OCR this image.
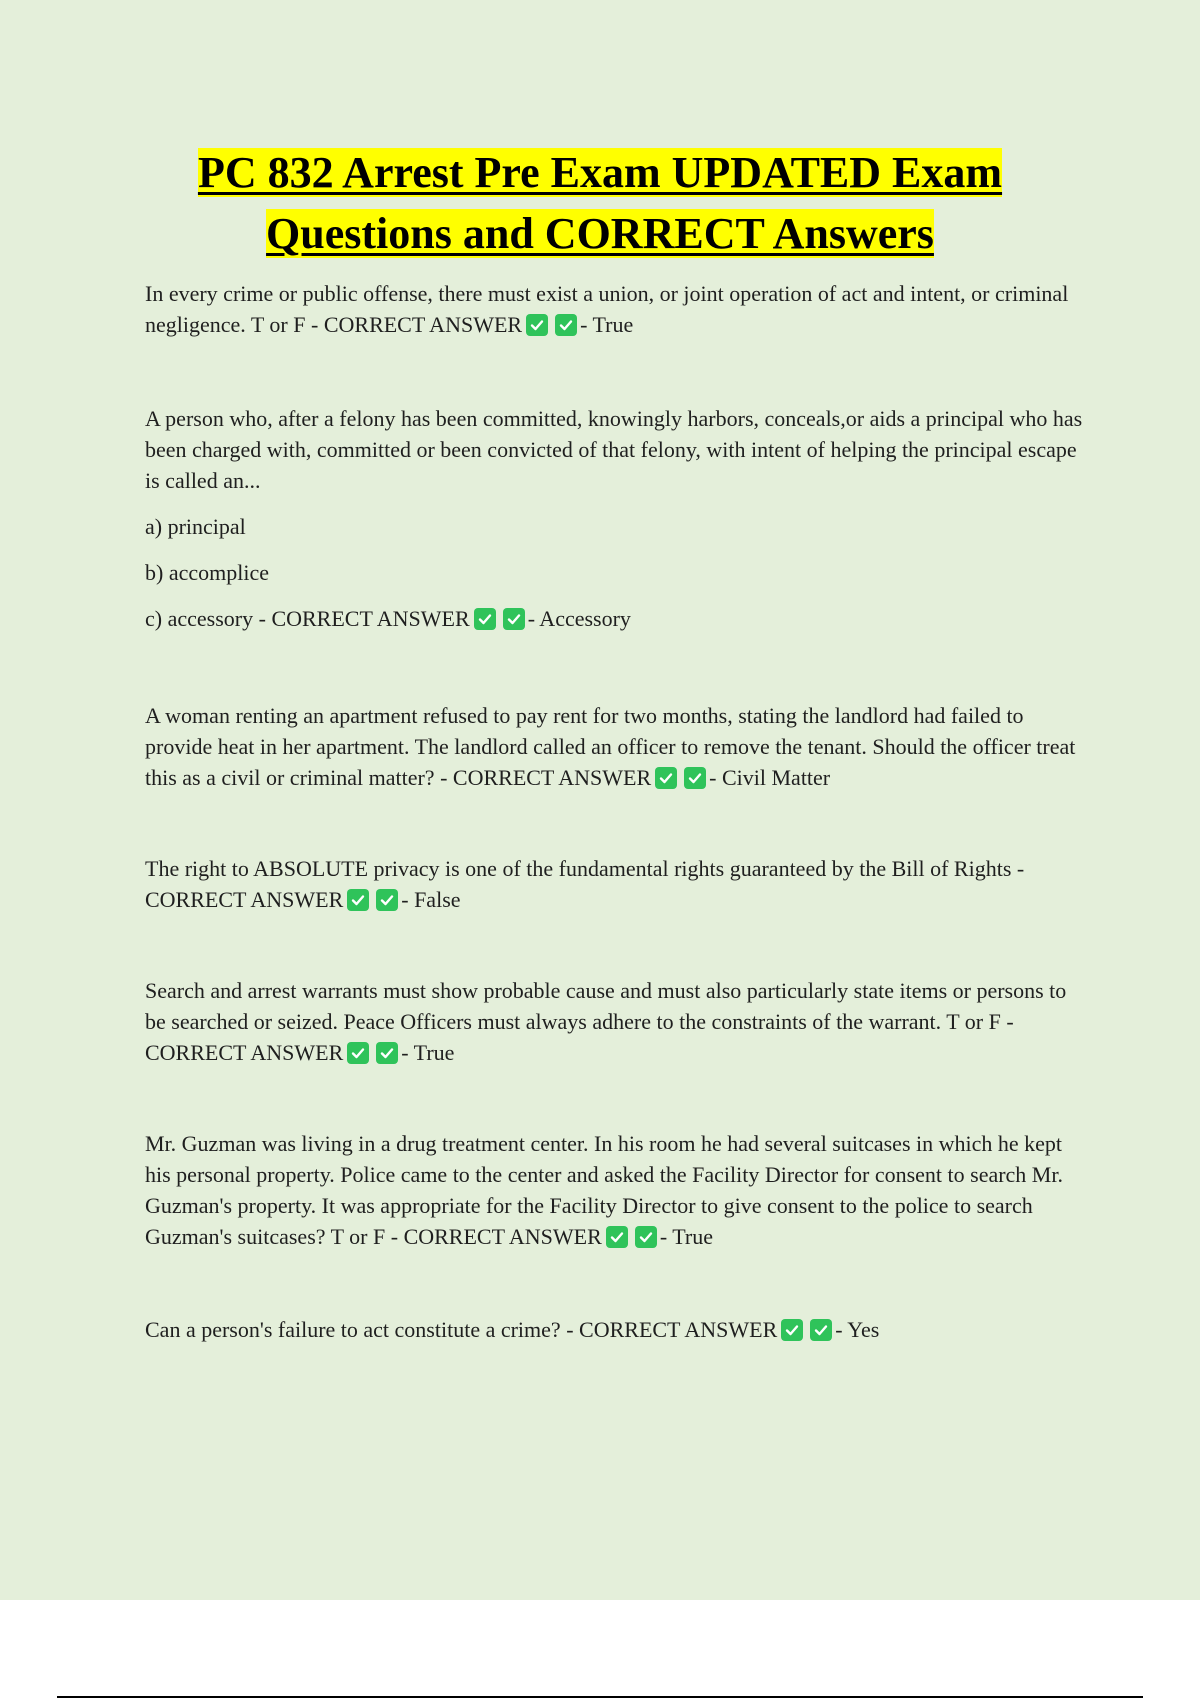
PC 832 Arrest Pre Exam UPDATED Exam
Questions and CORRECT Answers

In every crime or public offense, there must exist a union, or joint operation of act and intent, or criminal negligence. T or F - CORRECT ANSWER	- True

A person who, after a felony has been committed, knowingly harbors, conceals,or aids a principal who has been charged with, committed or been convicted of that felony, with intent of helping the principal escape is called an...

a) principal

b) accomplice

c) accessory - CORRECT ANSWER	- Accessory

A woman renting an apartment refused to pay rent for two months, stating the landlord had failed to provide heat in her apartment. The landlord called an officer to remove the tenant. Should the officer treat this as a civil or criminal matter? - CORRECT ANSWER	- Civil Matter

The right to ABSOLUTE privacy is one of the fundamental rights guaranteed by the Bill of Rights - CORRECT ANSWER	- False

Search and arrest warrants must show probable cause and must also particularly state items or persons to be searched or seized. Peace Officers must always adhere to the constraints of the warrant. T or F - CORRECT ANSWER	- True

Mr. Guzman was living in a drug treatment center. In his room he had several suitcases in which he kept his personal property. Police came to the center and asked the Facility Director for consent to search Mr. Guzman's property. It was appropriate for the Facility Director to give consent to the police to search Guzman's suitcases? T or F - CORRECT ANSWER	- True

Can a person's failure to act constitute a crime? - CORRECT ANSWER	- Yes
